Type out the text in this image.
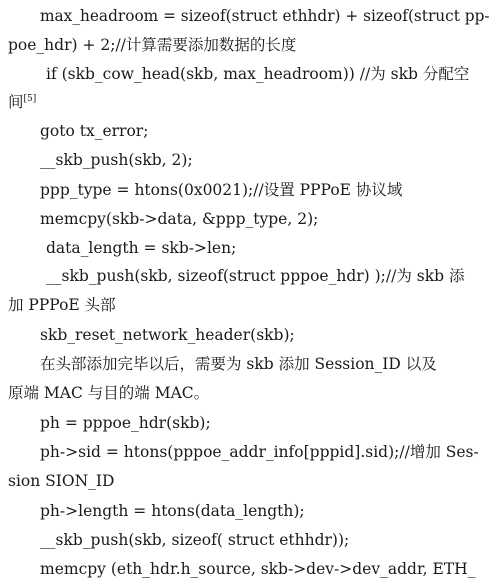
max_headroom = sizeof(struct ethhdr) + sizeof(struct pp-
poe_hdr) + 2;//计算需要添加数据的长度
if (skb_cow_head(skb, max_headroom)) //为 skb 分配空
间[5]
goto tx_error;
__skb_push(skb, 2);
ppp_type = htons(0x0021);//设置 PPPoE 协议域
memcpy(skb->data, &ppp_type, 2);
data_length = skb->len;
__skb_push(skb, sizeof(struct pppoe_hdr) );//为 skb 添
加 PPPoE 头部
skb_reset_network_header(skb);
在头部添加完毕以后，需要为 skb 添加 Session_ID 以及
原端 MAC 与目的端 MAC。
ph = pppoe_hdr(skb);
ph->sid = htons(pppoe_addr_info[pppid].sid);//增加 Ses-
sion SION_ID
ph->length = htons(data_length);
__skb_push(skb, sizeof( struct ethhdr));
memcpy (eth_hdr.h_source, skb->dev->dev_addr, ETH_
